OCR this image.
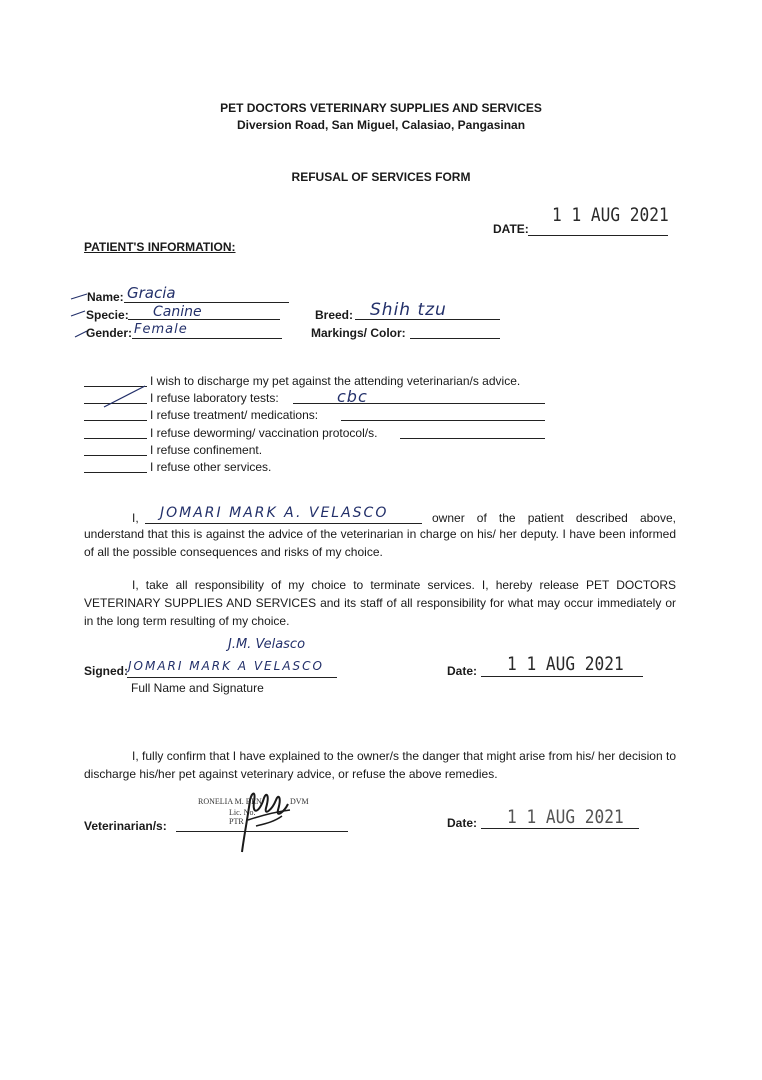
PET DOCTORS VETERINARY SUPPLIES AND SERVICES
Diversion Road, San Miguel, Calasiao, Pangasinan
REFUSAL OF SERVICES FORM
1 1 AUG 2021
DATE:
PATIENT'S INFORMATION:
Name: Gracia
Specie: Canine
Gender: Female
Breed: Shih tzu
Markings/ Color:
I wish to discharge my pet against the attending veterinarian/s advice.
I refuse laboratory tests:	cbc
I refuse treatment/ medications:
I refuse deworming/ vaccination protocol/s.
I refuse confinement.
I refuse other services.
I, JOMARI MARK A. VELASCO	owner of the patient described above,
understand that this is against the advice of the veterinarian in charge on his/ her deputy. I have been informed of all the possible consequences and risks of my choice.
I, take all responsibility of my choice to terminate services. I, hereby release PET DOCTORS VETERINARY SUPPLIES AND SERVICES and its staff of all responsibility for what may occur immediately or in the long term resulting of my choice.
J.M. Velasco
Signed: JOMARI MARK A VELASCO
Full Name and Signature
Date: 1 1 AUG 2021
I, fully confirm that I have explained to the owner/s the danger that might arise from his/ her decision to discharge his/her pet against veterinary advice, or refuse the above remedies.
RONELIA M. BEN	DVM
Lic. No.
PTR
Veterinarian/s:	Date: 1 1 AUG 2021
